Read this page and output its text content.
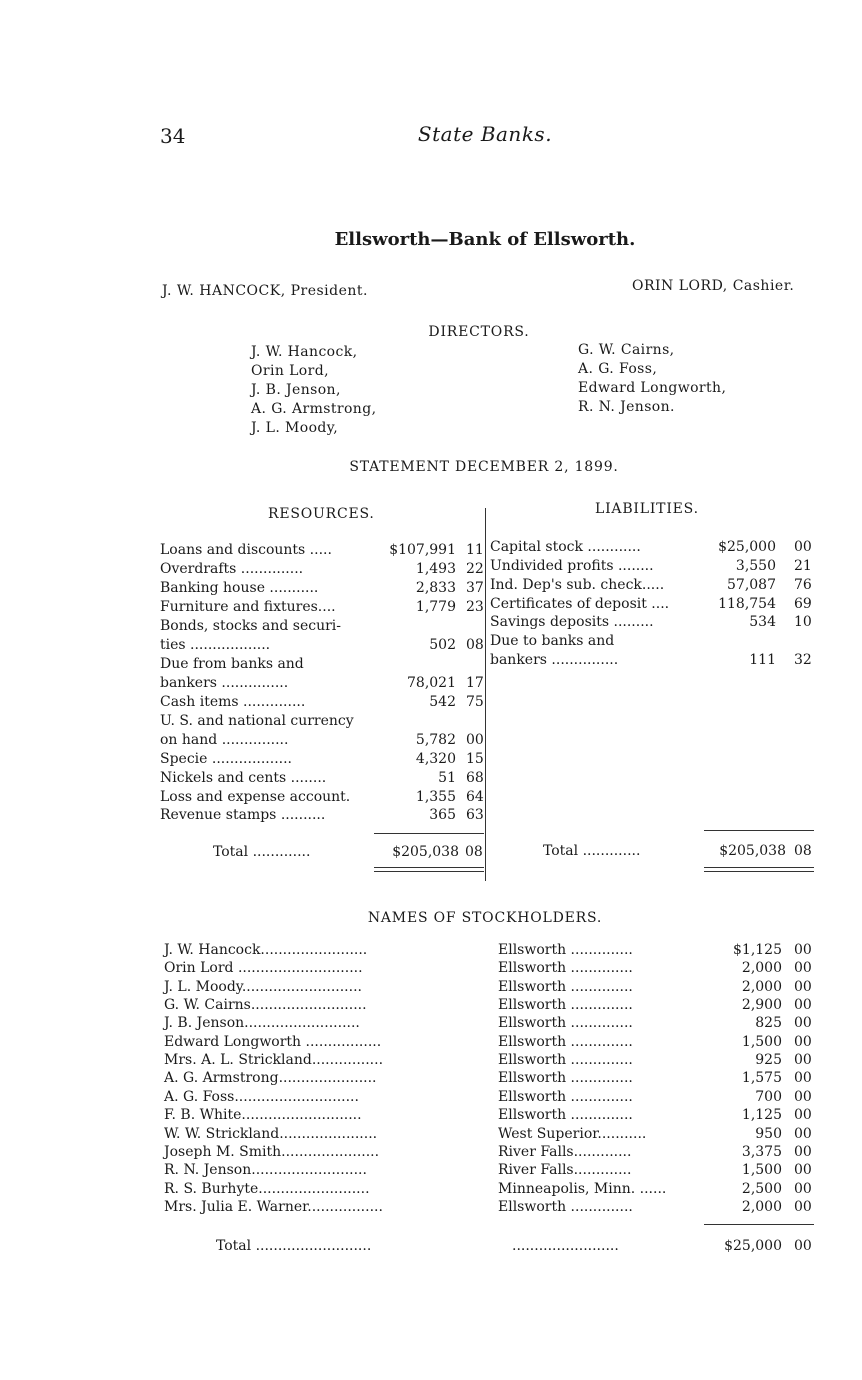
34	State Banks.
Ellsworth—Bank of Ellsworth.
J. W. HANCOCK, President.	ORIN LORD, Cashier.
DIRECTORS.
J. W. Hancock,
Orin Lord,
J. B. Jenson,
A. G. Armstrong,
J. L. Moody,
G. W. Cairns,
A. G. Foss,
Edward Longworth,
R. N. Jenson.
STATEMENT DECEMBER 2, 1899.
RESOURCES.	LIABILITIES.
Loans and discounts .....	$107,991 11
Overdrafts ..............	1,493 22
Banking house ...........	2,833 37
Furniture and fixtures....	1,779 23
Bonds, stocks and securi-
ties ..................	502 08
Due from banks and
bankers ...............	78,021 17
Cash items ..............	542 75
U. S. and national currency
on hand ...............	5,782 00
Specie ..................	4,320 15
Nickels and cents ........	51 68
Loss and expense account.	1,355 64
Revenue stamps ..........	365 63
Capital stock ............	$25,000 00
Undivided profits ........	3,550 21
Ind. Dep's sub. check.....	57,087 76
Certificates of deposit ....	118,754 69
Savings deposits .........	534 10
Due to banks and
bankers ...............	111 32
Total .............	$205,038 08	Total .............	$205,038 08
NAMES OF STOCKHOLDERS.
J. W. Hancock........................	Ellsworth ..............	$1,125 00
Orin Lord ............................	Ellsworth ..............	2,000 00
J. L. Moody...........................	Ellsworth ..............	2,000 00
G. W. Cairns..........................	Ellsworth ..............	2,900 00
J. B. Jenson..........................	Ellsworth ..............	825 00
Edward Longworth .................	Ellsworth ..............	1,500 00
Mrs. A. L. Strickland................	Ellsworth ..............	925 00
A. G. Armstrong......................	Ellsworth ..............	1,575 00
A. G. Foss............................	Ellsworth ..............	700 00
F. B. White...........................	Ellsworth ..............	1,125 00
W. W. Strickland......................	West Superior...........	950 00
Joseph M. Smith......................	River Falls.............	3,375 00
R. N. Jenson..........................	River Falls.............	1,500 00
R. S. Burhyte.........................	Minneapolis, Minn. ......	2,500 00
Mrs. Julia E. Warner.................	Ellsworth ..............	2,000 00
Total ..........................	........................	$25,000 00
